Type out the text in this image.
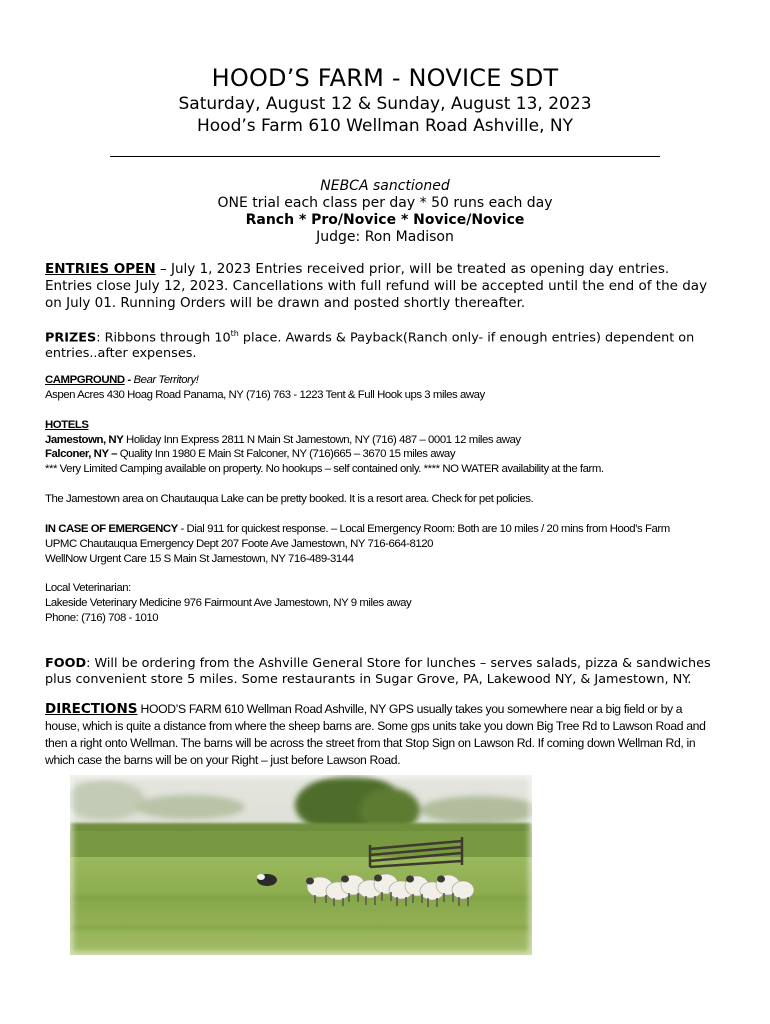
HOOD’S FARM - NOVICE SDT
Saturday, August 12 & Sunday, August 13, 2023
Hood’s Farm 610 Wellman Road Ashville, NY
NEBCA sanctioned
ONE trial each class per day * 50 runs each day
Ranch * Pro/Novice * Novice/Novice
Judge: Ron Madison
ENTRIES OPEN – July 1, 2023 Entries received prior, will be treated as opening day entries. Entries close July 12, 2023. Cancellations with full refund will be accepted until the end of the day on July 01. Running Orders will be drawn and posted shortly thereafter.
PRIZES: Ribbons through 10th place. Awards & Payback(Ranch only- if enough entries) dependent on entries..after expenses.
CAMPGROUND - Bear Territory!
Aspen Acres 430 Hoag Road Panama, NY (716) 763 - 1223 Tent & Full Hook ups 3 miles away
HOTELS
Jamestown, NY Holiday Inn Express 2811 N Main St Jamestown, NY (716) 487 – 0001 12 miles away
Falconer, NY – Quality Inn 1980 E Main St Falconer, NY (716)665 – 3670 15 miles away
*** Very Limited Camping available on property. No hookups – self contained only. **** NO WATER availability at the farm.
The Jamestown area on Chautauqua Lake can be pretty booked. It is a resort area. Check for pet policies.
IN CASE OF EMERGENCY - Dial 911 for quickest response. – Local Emergency Room: Both are 10 miles / 20 mins from Hood’s Farm
UPMC Chautauqua Emergency Dept 207 Foote Ave Jamestown, NY 716-664-8120
WellNow Urgent Care 15 S Main St Jamestown, NY 716-489-3144
Local Veterinarian:
Lakeside Veterinary Medicine 976 Fairmount Ave Jamestown, NY 9 miles away
Phone: (716) 708 - 1010
FOOD: Will be ordering from the Ashville General Store for lunches – serves salads, pizza & sandwiches plus convenient store 5 miles. Some restaurants in Sugar Grove, PA, Lakewood NY, & Jamestown, NY.
DIRECTIONS HOOD’S FARM 610 Wellman Road Ashville, NY GPS usually takes you somewhere near a big field or by a house, which is quite a distance from where the sheep barns are. Some gps units take you down Big Tree Rd to Lawson Road and then a right onto Wellman. The barns will be across the street from that Stop Sign on Lawson Rd. If coming down Wellman Rd, in which case the barns will be on your Right – just before Lawson Road.
